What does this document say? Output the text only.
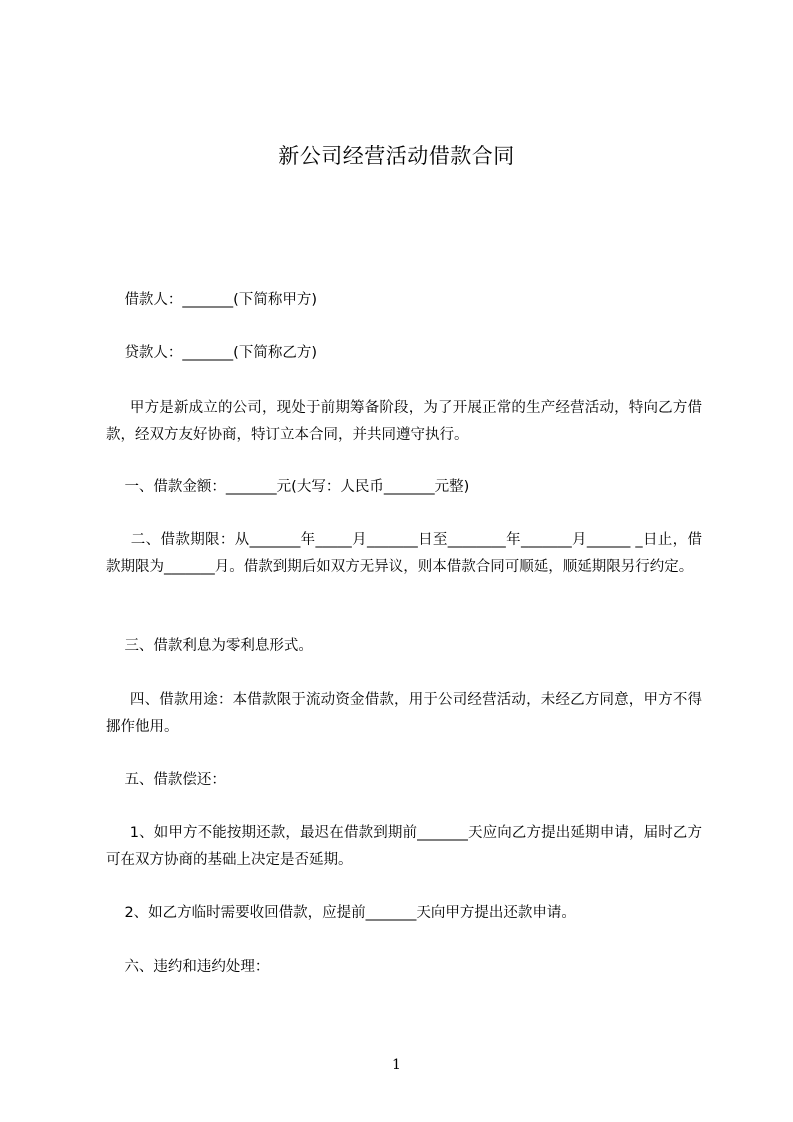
新公司经营活动借款合同
借款人：_______(下简称甲方)
贷款人：_______(下简称乙方)
甲方是新成立的公司，现处于前期筹备阶段，为了开展正常的生产经营活动，特向乙方借款，经双方友好协商，特订立本合同，并共同遵守执行。
一、借款金额：_______元(大写：人民币_______元整)
二、借款期限：从_______年_____月_______日至________年_______月______ _日止，借款期限为_______月。借款到期后如双方无异议，则本借款合同可顺延，顺延期限另行约定。
三、借款利息为零利息形式。
四、借款用途：本借款限于流动资金借款，用于公司经营活动，未经乙方同意，甲方不得挪作他用。
五、借款偿还：
1、如甲方不能按期还款，最迟在借款到期前_______天应向乙方提出延期申请，届时乙方可在双方协商的基础上决定是否延期。
2、如乙方临时需要收回借款，应提前_______天向甲方提出还款申请。
六、违约和违约处理：
1
